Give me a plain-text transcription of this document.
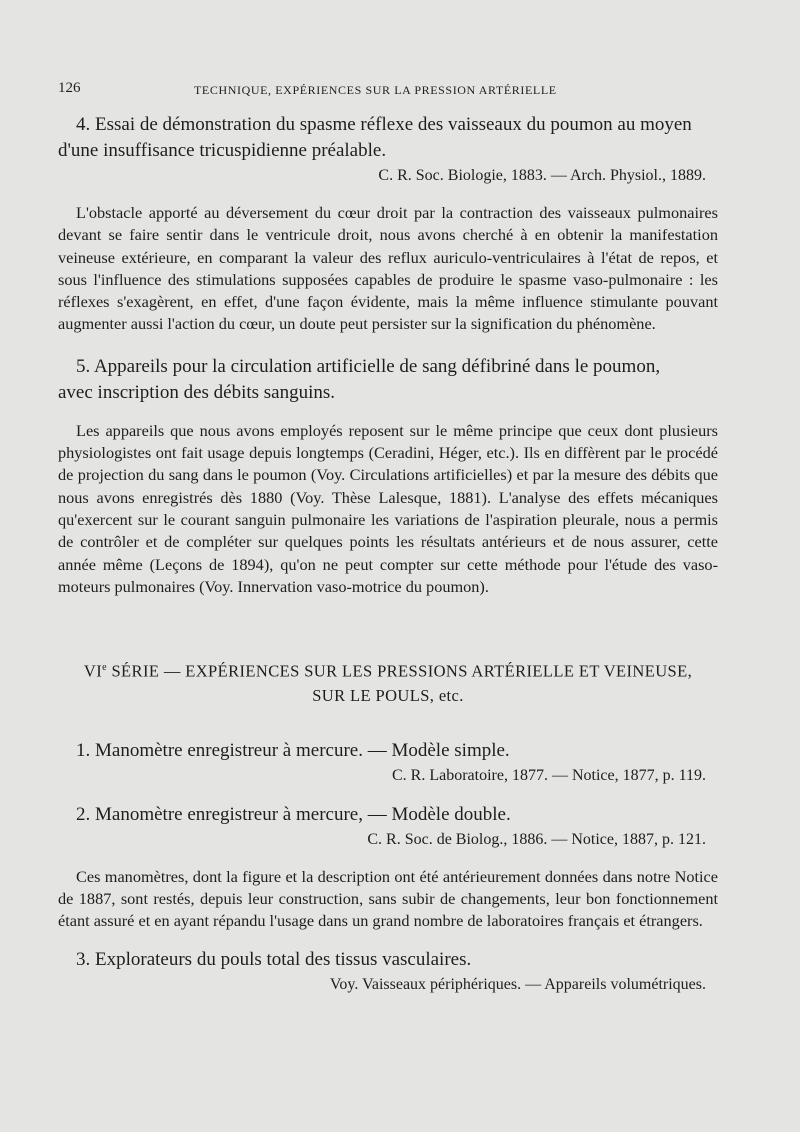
126	TECHNIQUE, EXPÉRIENCES SUR LA PRESSION ARTÉRIELLE

4. Essai de démonstration du spasme réflexe des vaisseaux du poumon au moyen
d'une insuffisance tricuspidienne préalable.

C. R. Soc. Biologie, 1883. — Arch. Physiol., 1889.

L'obstacle apporté au déversement du cœur droit par la contraction des vaisseaux pulmonaires devant se faire sentir dans le ventricule droit, nous avons cherché à en obtenir la manifestation veineuse extérieure, en comparant la valeur des reflux auriculo-ventriculaires à l'état de repos, et sous l'influence des stimulations supposées capables de produire le spasme vaso-pulmonaire : les réflexes s'exagèrent, en effet, d'une façon évidente, mais la même influence stimulante pouvant augmenter aussi l'action du cœur, un doute peut persister sur la signification du phénomène.

5. Appareils pour la circulation artificielle de sang défibriné dans le poumon,
avec inscription des débits sanguins.

Les appareils que nous avons employés reposent sur le même principe que ceux dont plusieurs physiologistes ont fait usage depuis longtemps (Ceradini, Héger, etc.). Ils en diffèrent par le procédé de projection du sang dans le poumon (Voy. Circulations artificielles) et par la mesure des débits que nous avons enregistrés dès 1880 (Voy. Thèse Lalesque, 1881). L'analyse des effets mécaniques qu'exercent sur le courant sanguin pulmonaire les variations de l'aspiration pleurale, nous a permis de contrôler et de compléter sur quelques points les résultats antérieurs et de nous assurer, cette année même (Leçons de 1894), qu'on ne peut compter sur cette méthode pour l'étude des vaso-moteurs pulmonaires (Voy. Innervation vaso-motrice du poumon).

VIe SÉRIE — EXPÉRIENCES SUR LES PRESSIONS ARTÉRIELLE ET VEINEUSE,

SUR LE POULS, etc.

1. Manomètre enregistreur à mercure. — Modèle simple.

C. R. Laboratoire, 1877. — Notice, 1877, p. 119.

2. Manomètre enregistreur à mercure, — Modèle double.

C. R. Soc. de Biolog., 1886. — Notice, 1887, p. 121.

Ces manomètres, dont la figure et la description ont été antérieurement données dans notre Notice de 1887, sont restés, depuis leur construction, sans subir de changements, leur bon fonctionnement étant assuré et en ayant répandu l'usage dans un grand nombre de laboratoires français et étrangers.

3. Explorateurs du pouls total des tissus vasculaires.

Voy. Vaisseaux périphériques. — Appareils volumétriques.
